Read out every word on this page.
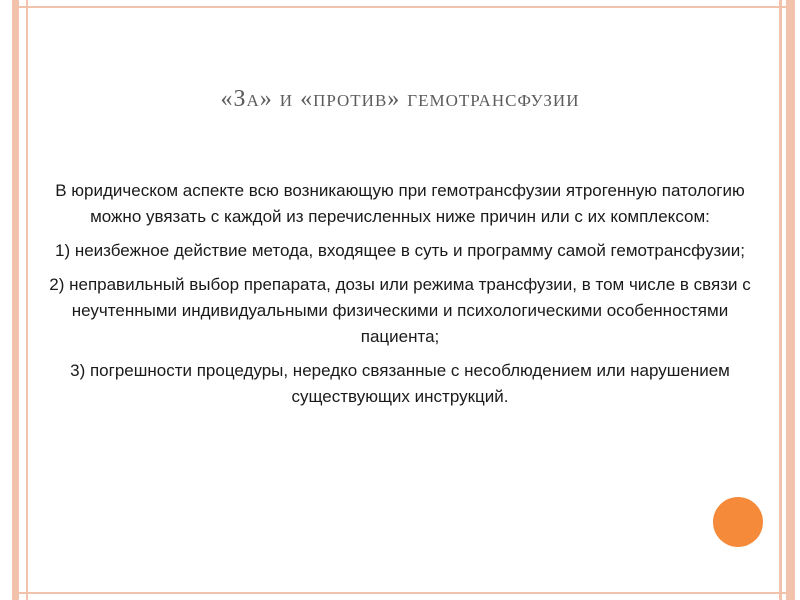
«За» и «против» гемотрансфузии

В юридическом аспекте всю возникающую при гемотрансфузии ятрогенную патологию можно увязать с каждой из перечисленных ниже причин или с их комплексом:

1) неизбежное действие метода, входящее в суть и программу самой гемотрансфузии;

2) неправильный выбор препарата, дозы или режима трансфузии, в том числе в связи с неучтенными индивидуальными физическими и психологическими особенностями пациента;

3) погрешности процедуры, нередко связанные с несоблюдением или нарушением существующих инструкций.
